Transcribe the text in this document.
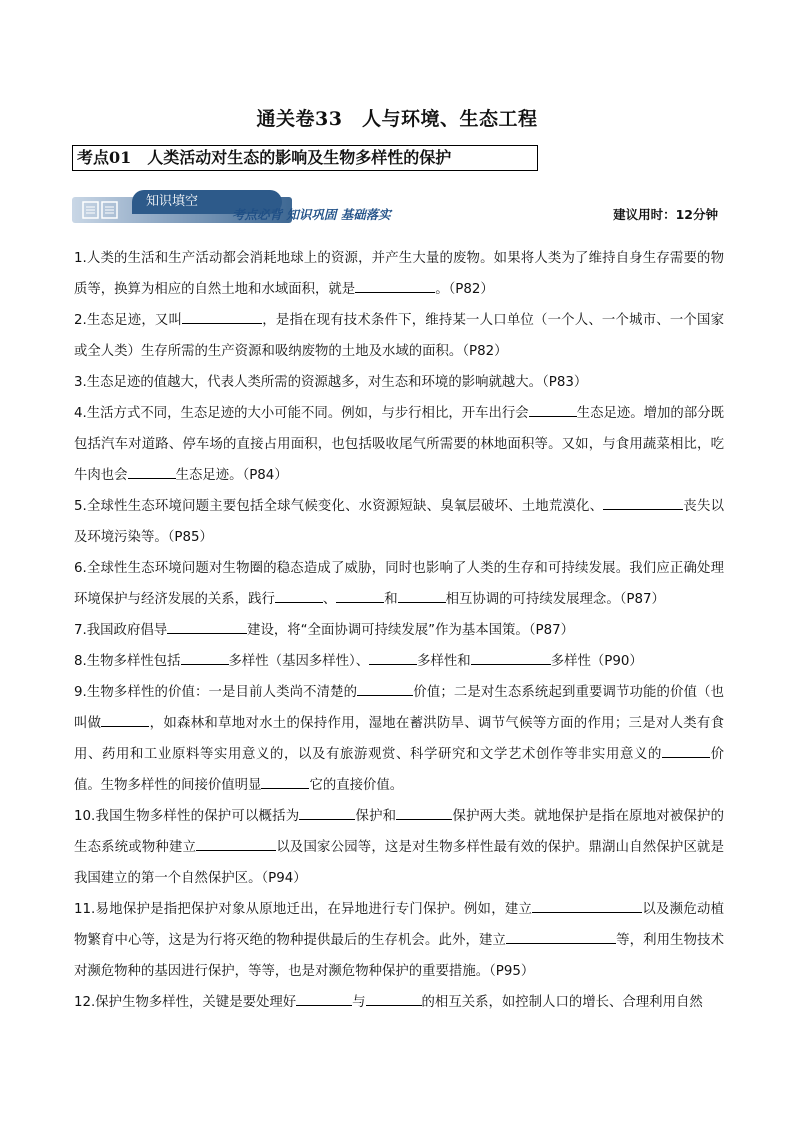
通关卷33　人与环境、生态工程
考点01　人类活动对生态的影响及生物多样性的保护
知识填空
考点必背 知识巩固 基础落实	建议用时：12分钟

1.人类的生活和生产活动都会消耗地球上的资源，并产生大量的废物。如果将人类为了维持自身生存需要的物质等，换算为相应的自然土地和水域面积，就是	。（P82）

2.生态足迹，又叫	，是指在现有技术条件下，维持某一人口单位（一个人、一个城市、一个国家或全人类）生存所需的生产资源和吸纳废物的土地及水域的面积。（P82）

3.生态足迹的值越大，代表人类所需的资源越多，对生态和环境的影响就越大。（P83）

4.生活方式不同，生态足迹的大小可能不同。例如，与步行相比，开车出行会	生态足迹。增加的部分既包括汽车对道路、停车场的直接占用面积，也包括吸收尾气所需要的林地面积等。又如，与食用蔬菜相比，吃牛肉也会	生态足迹。（P84）

5.全球性生态环境问题主要包括全球气候变化、水资源短缺、臭氧层破坏、土地荒漠化、	丧失以及环境污染等。（P85）

6.全球性生态环境问题对生物圈的稳态造成了威胁，同时也影响了人类的生存和可持续发展。我们应正确处理环境保护与经济发展的关系，践行	、	和	相互协调的可持续发展理念。（P87）

7.我国政府倡导	建设，将“全面协调可持续发展”作为基本国策。（P87）

8.生物多样性包括	多样性（基因多样性）、	多样性和	多样性（P90）

9.生物多样性的价值：一是目前人类尚不清楚的	价值；二是对生态系统起到重要调节功能的价值（也叫做	，如森林和草地对水土的保持作用，湿地在蓄洪防旱、调节气候等方面的作用；三是对人类有食用、药用和工业原料等实用意义的，以及有旅游观赏、科学研究和文学艺术创作等非实用意义的	价值。生物多样性的间接价值明显	它的直接价值。

10.我国生物多样性的保护可以概括为	保护和	保护两大类。就地保护是指在原地对被保护的生态系统或物种建立	以及国家公园等，这是对生物多样性最有效的保护。鼎湖山自然保护区就是我国建立的第一个自然保护区。（P94）

11.易地保护是指把保护对象从原地迁出，在异地进行专门保护。例如，建立	以及濒危动植物繁育中心等，这是为行将灭绝的物种提供最后的生存机会。此外，建立	等，利用生物技术对濒危物种的基因进行保护，等等，也是对濒危物种保护的重要措施。（P95）

12.保护生物多样性，关键是要处理好	与	的相互关系，如控制人口的增长、合理利用自然
